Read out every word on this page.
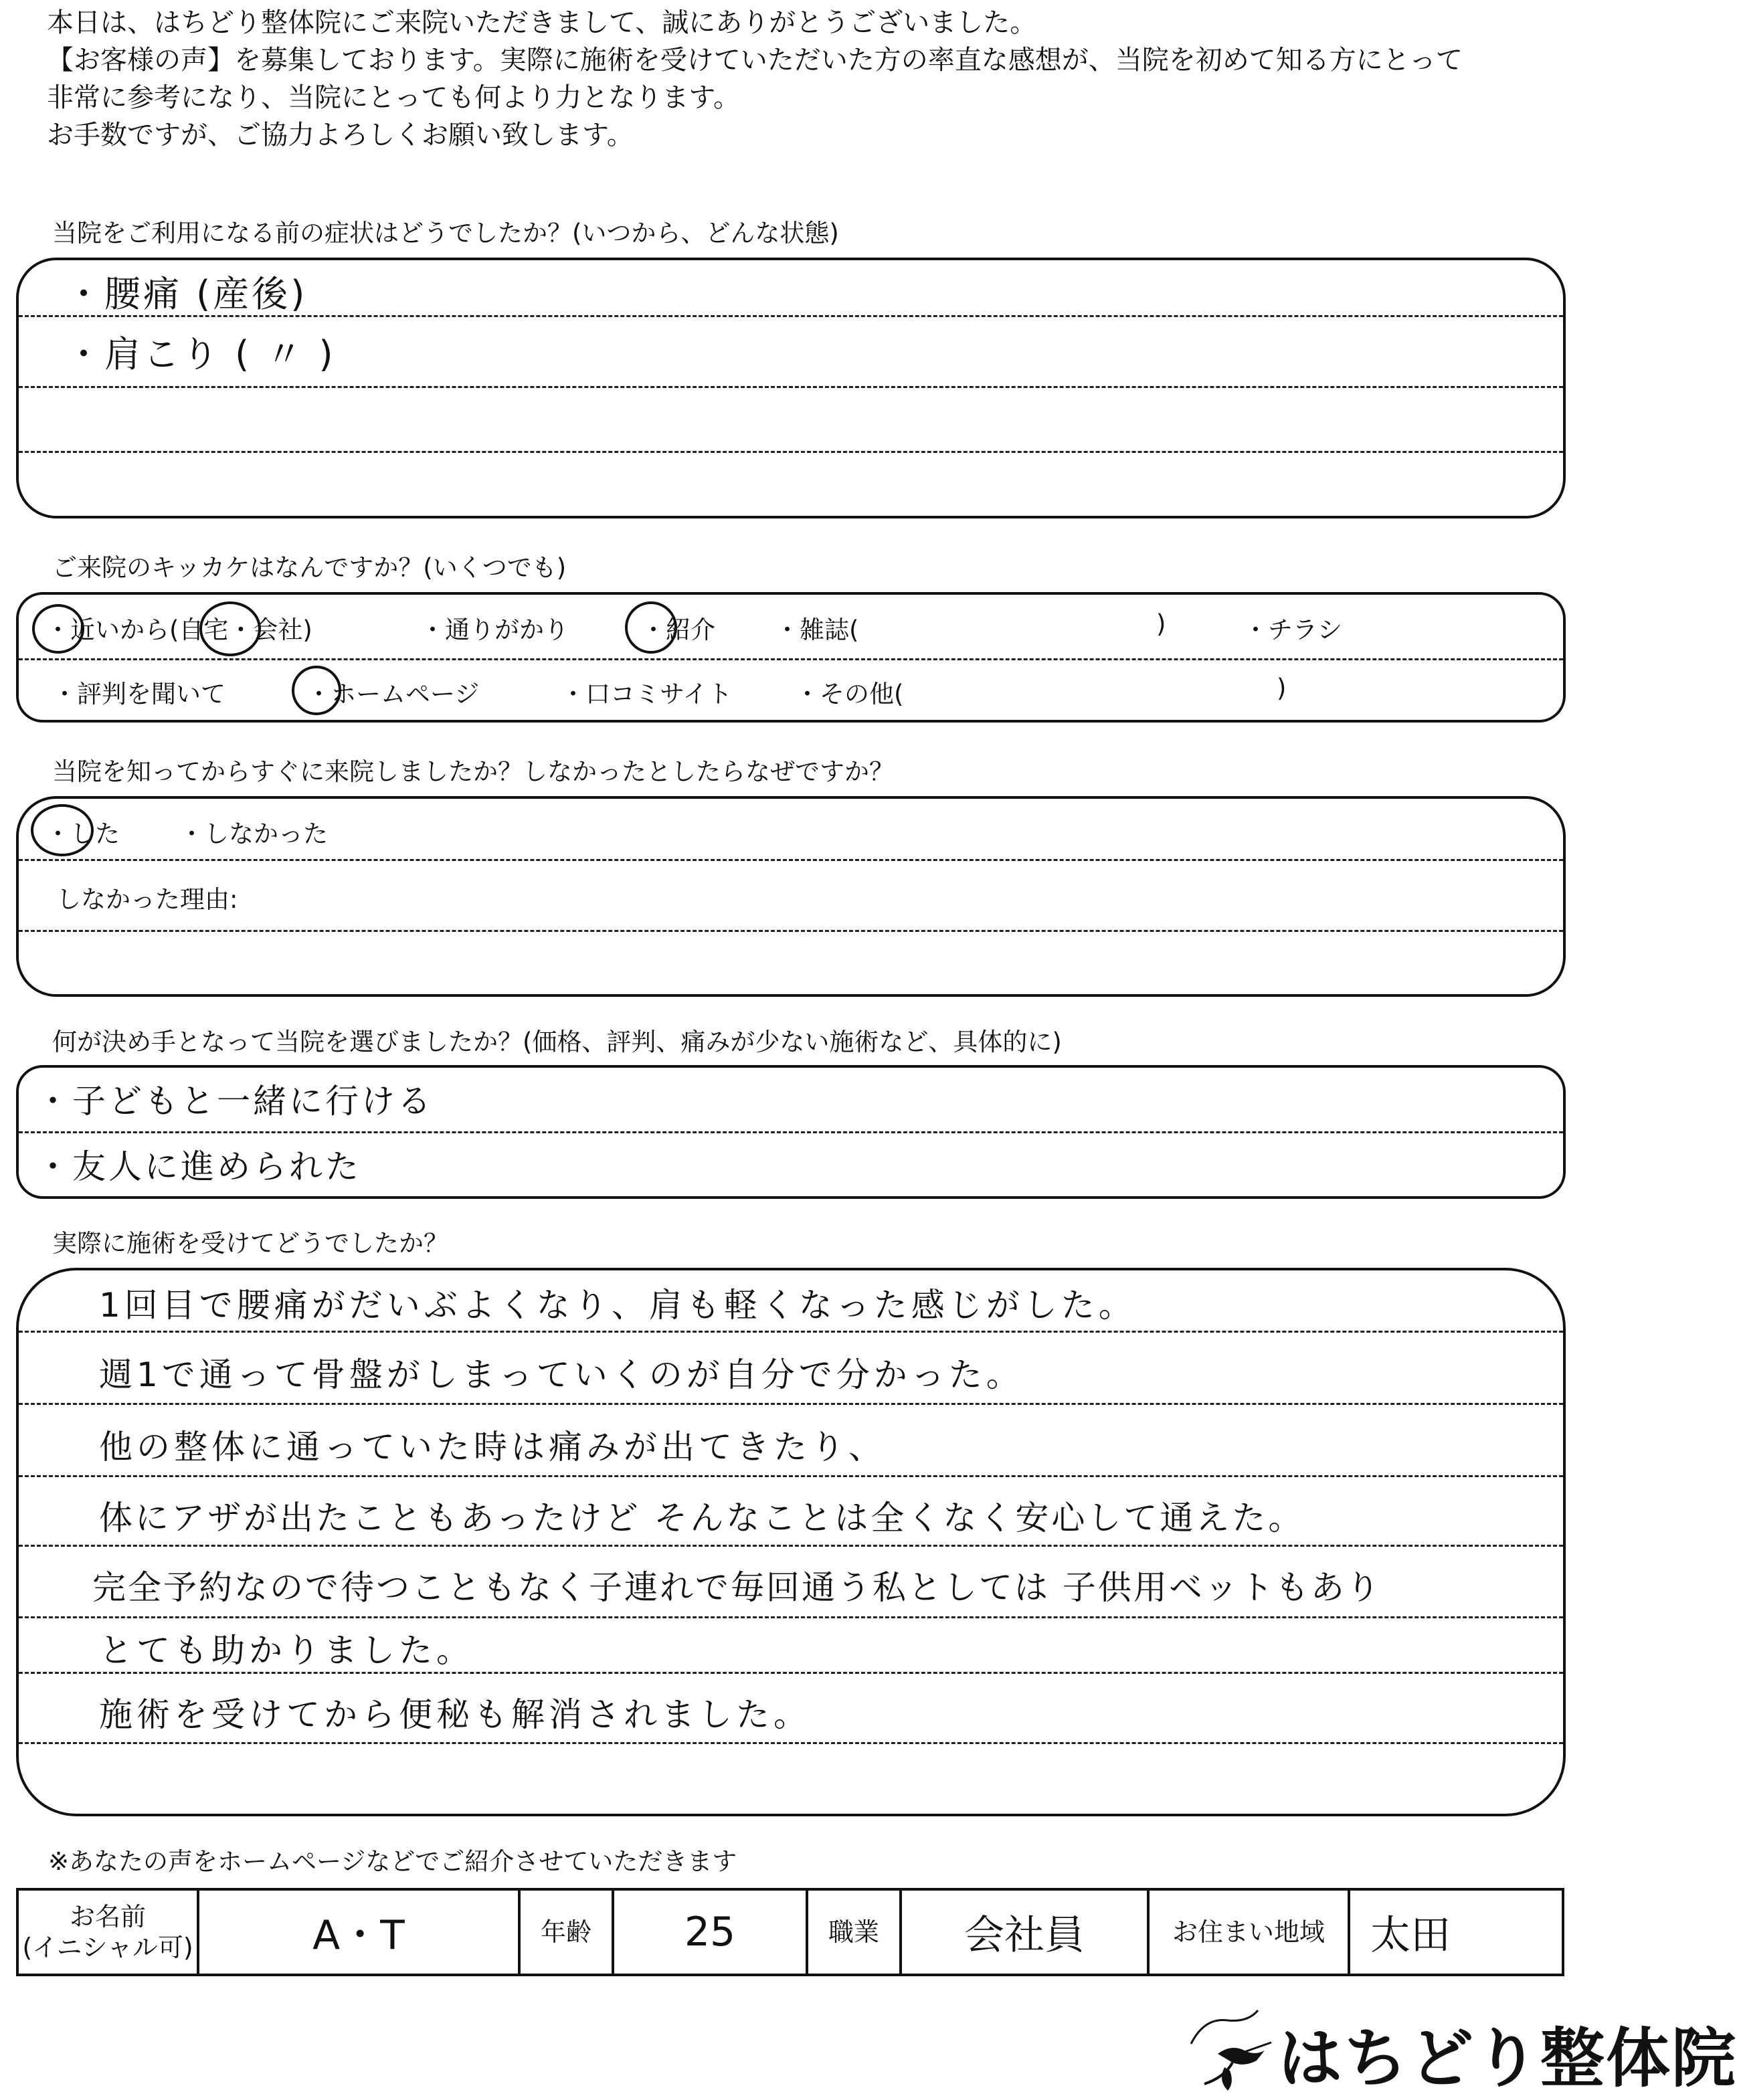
本日は、はちどり整体院にご来院いただきまして、誠にありがとうございました。
【お客様の声】を募集しております。実際に施術を受けていただいた方の率直な感想が、当院を初めて知る方にとって
非常に参考になり、当院にとっても何より力となります。
お手数ですが、ご協力よろしくお願い致します。
当院をご利用になる前の症状はどうでしたか？(いつから、どんな状態)
・腰痛 (産後)
・肩こり ( 〃 )
ご来院のキッカケはなんですか？(いくつでも)
・近いから(自宅・会社)	・通りがかり	・紹介 ・雑誌(	)	・チラシ
・評判を聞いて	・ホームページ	・口コミサイト	・その他(	)
当院を知ってからすぐに来院しましたか？しなかったとしたらなぜですか？
・した ・しなかった
しなかった理由:
何が決め手となって当院を選びましたか？(価格、評判、痛みが少ない施術など、具体的に)
・子どもと一緒に行ける
・友人に進められた
実際に施術を受けてどうでしたか？
1回目で腰痛がだいぶよくなり、肩も軽くなった感じがした。
週1で通って骨盤がしまっていくのが自分で分かった。
他の整体に通っていた時は痛みが出てきたり、
体にアザが出たこともあったけど そんなことは全くなく安心して通えた。
完全予約なので待つこともなく子連れで毎回通う私としては 子供用ベットもあり
とても助かりました。
施術を受けてから便秘も解消されました。
※あなたの声をホームページなどでご紹介させていただきます
お名前
(イニシャル可)	A・T	年齢	25	職業	会社員	お住まい地域	太田
はちどり整体院
